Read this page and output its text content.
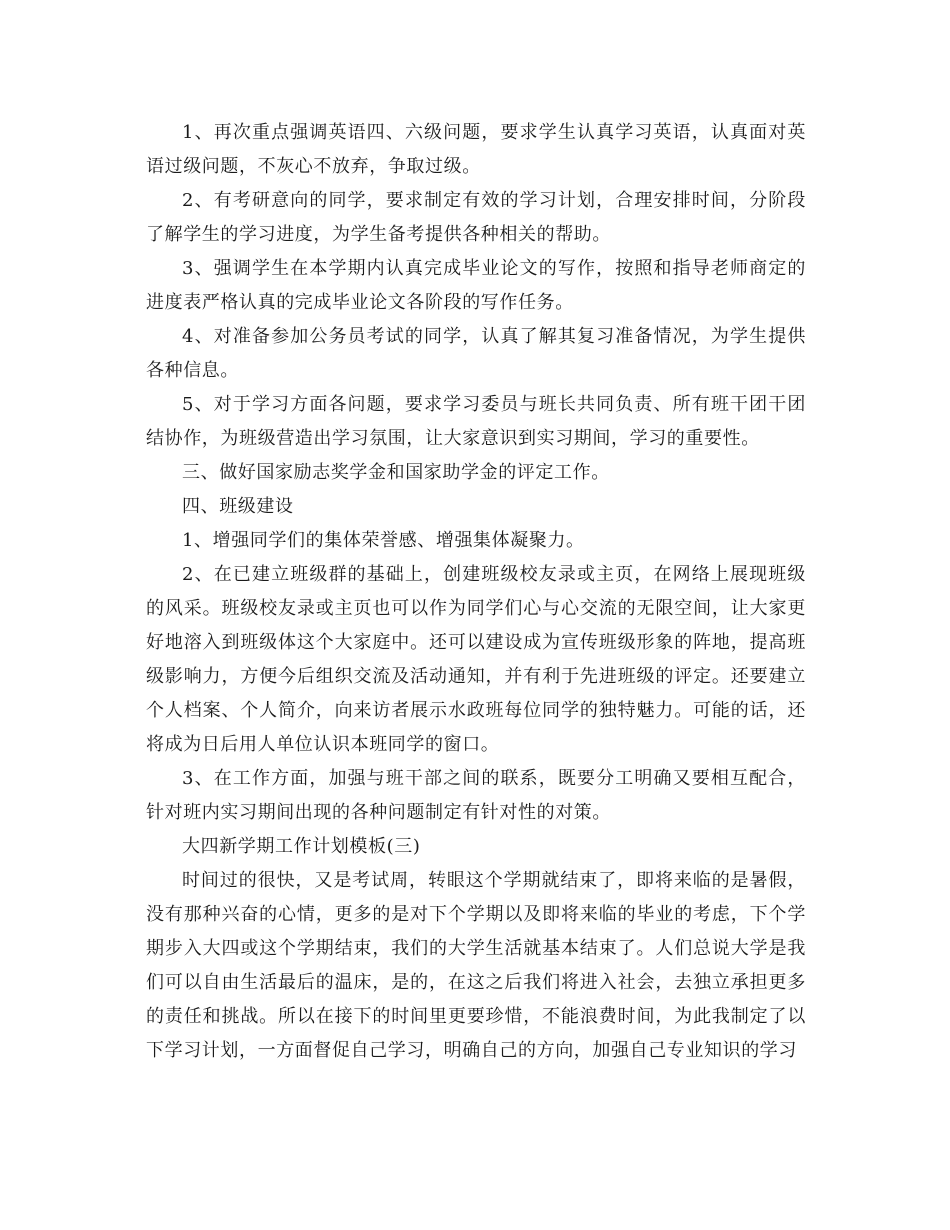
1、再次重点强调英语四、六级问题，要求学生认真学习英语，认真面对英语过级问题，不灰心不放弃，争取过级。

2、有考研意向的同学，要求制定有效的学习计划，合理安排时间，分阶段了解学生的学习进度，为学生备考提供各种相关的帮助。

3、强调学生在本学期内认真完成毕业论文的写作，按照和指导老师商定的进度表严格认真的完成毕业论文各阶段的写作任务。

4、对准备参加公务员考试的同学，认真了解其复习准备情况，为学生提供各种信息。

5、对于学习方面各问题，要求学习委员与班长共同负责、所有班干团干团结协作，为班级营造出学习氛围，让大家意识到实习期间，学习的重要性。

三、做好国家励志奖学金和国家助学金的评定工作。

四、班级建设

1、增强同学们的集体荣誉感、增强集体凝聚力。

2、在已建立班级群的基础上，创建班级校友录或主页，在网络上展现班级的风采。班级校友录或主页也可以作为同学们心与心交流的无限空间，让大家更好地溶入到班级体这个大家庭中。还可以建设成为宣传班级形象的阵地，提高班级影响力，方便今后组织交流及活动通知，并有利于先进班级的评定。还要建立个人档案、个人简介，向来访者展示水政班每位同学的独特魅力。可能的话，还将成为日后用人单位认识本班同学的窗口。

3、在工作方面，加强与班干部之间的联系，既要分工明确又要相互配合，针对班内实习期间出现的各种问题制定有针对性的对策。

大四新学期工作计划模板(三)

时间过的很快，又是考试周，转眼这个学期就结束了，即将来临的是暑假，没有那种兴奋的心情，更多的是对下个学期以及即将来临的毕业的考虑，下个学期步入大四或这个学期结束，我们的大学生活就基本结束了。人们总说大学是我们可以自由生活最后的温床，是的，在这之后我们将进入社会，去独立承担更多的责任和挑战。所以在接下的时间里更要珍惜，不能浪费时间，为此我制定了以下学习计划，一方面督促自己学习，明确自己的方向，加强自己专业知识的学习
